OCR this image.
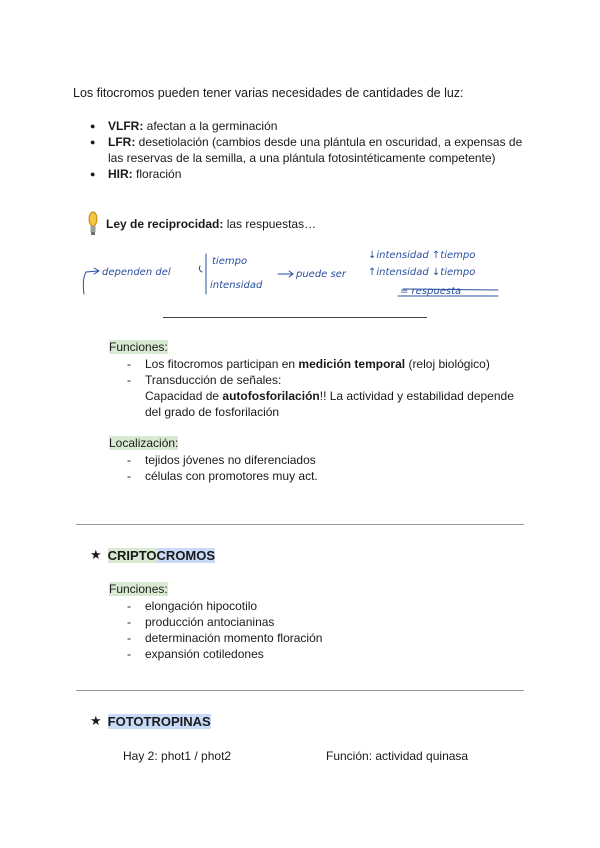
Los fitocromos pueden tener varias necesidades de cantidades de luz:
● VLFR: afectan a la germinación
● LFR: desetiolación (cambios desde una plántula en oscuridad, a expensas de las reservas de la semilla, a una plántula fotosintéticamente competente)
● HIR: floración
Ley de reciprocidad:
las respuestas…
dependen del
tiempo
intensidad
puede ser
↓intensidad ↑tiempo
↑intensidad ↓tiempo
= respuesta
Funciones:
- Los fitocromos participan en medición temporal (reloj biológico)
- Transducción de señales:
Capacidad de autofosforilación!! La actividad y estabilidad depende del grado de fosforilación
Localización:
- tejidos jóvenes no diferenciados
- células con promotores muy act.
★ CRIPTO CROMOS
Funciones:
- elongación hipocotilo
- producción antocianinas
- determinación momento floración
- expansión cotiledones
★ FOTOTROPINAS
Hay 2: phot1 / phot2	Función: actividad quinasa
